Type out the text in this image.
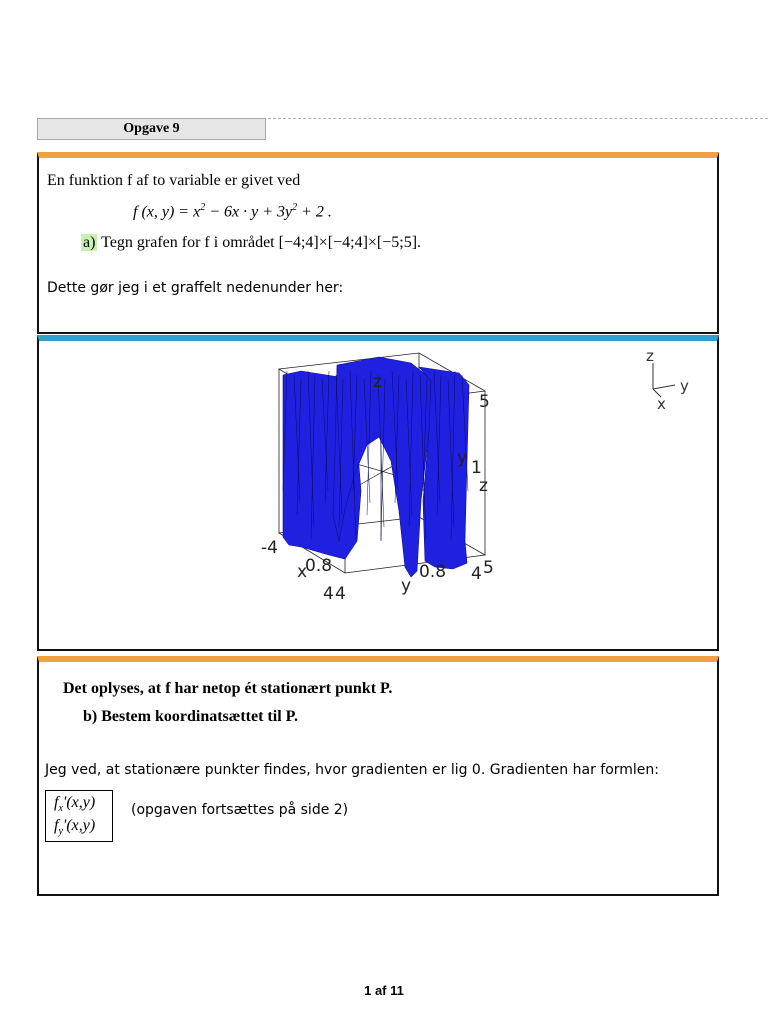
Opgave 9
En funktion f af to variable er givet ved
f (x, $y) = x^2 - 6x \cdot y + 3y^2 + 2$ .
a) Tegn grafen for f i området [−4;4]×[−4;4]×[−5;5].
Dette gør jeg i et graffelt nedenunder her:
z
5
y 1
z
-4
x
0.8
4 4	y
0.8 5
4
z
y
x
Det oplyses, at f har netop ét stationært punkt P.
b) Bestem koordinatsættet til P.
Jeg ved, at stationære punkter findes, hvor gradienten er lig 0. Gradienten har formlen:
$f_x'(x,y)$
$f_y'(x,y)$
(opgaven fortsættes på side 2)
1 af 11
